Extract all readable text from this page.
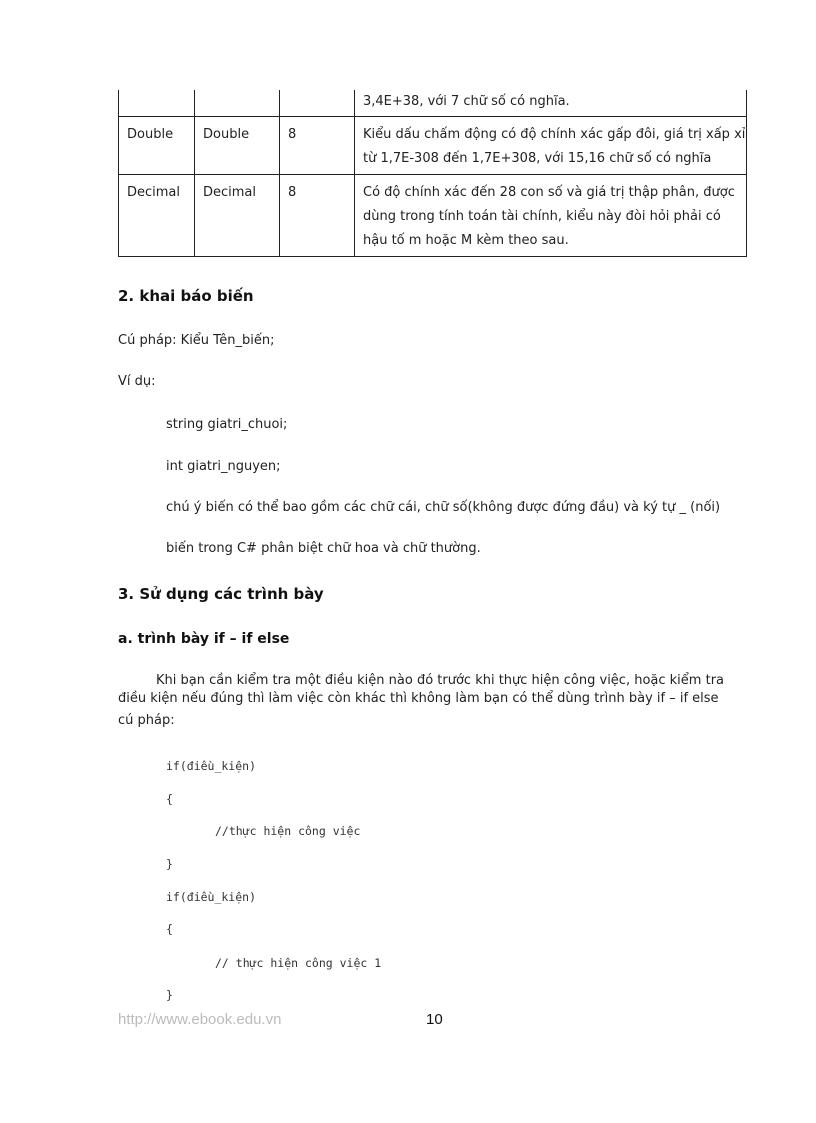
			3,4E+38, với 7 chữ số có nghĩa.
Double	Double	8	Kiểu dấu chấm động có độ chính xác gấp đôi, giá trị xấp xỉ từ 1,7E-308 đến 1,7E+308, với 15,16 chữ số có nghĩa
Decimal	Decimal	8	Có độ chính xác đến 28 con số và giá trị thập phân, được dùng trong tính toán tài chính, kiểu này đòi hỏi phải có hậu tố m hoặc M kèm theo sau.
2. khai báo biến
Cú pháp: Kiểu Tên_biến;
Ví dụ:
string giatri_chuoi;
int giatri_nguyen;
chú ý biến có thể bao gồm các chữ cái, chữ số(không được đứng đầu) và ký tự _ (nối)
biến trong C# phân biệt chữ hoa và chữ thường.
3. Sử dụng các trình bày
a. trình bày if – if else
Khi bạn cần kiểm tra một điều kiện nào đó trước khi thực hiện công việc, hoặc kiểm tra
điều kiện nếu đúng thì làm việc còn khác thì không làm bạn có thể dùng trình bày if – if else
cú pháp:
if(điều_kiện)
{
//thực hiện công việc
}
if(điều_kiện)
{
// thực hiện công việc 1
}
http://www.ebook.edu.vn	10
